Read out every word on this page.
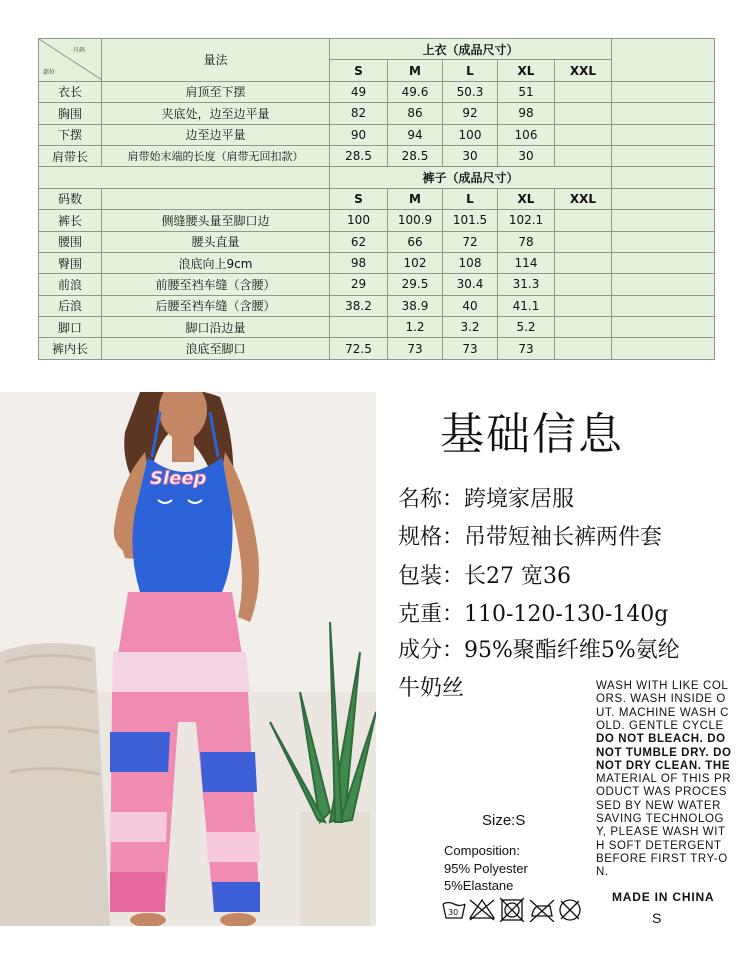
尺码
部位	量法	上衣（成品尺寸）					
		S	M	L	XL	XXL	
衣长	肩顶至下摆	49	49.6	50.3	51		
胸围	夹底处，边至边平量	82	86	92	98		
下摆	边至边平量	90	94	100	106		
肩带长	肩带始末端的长度（肩带无回扣款）	28.5	28.5	30	30		
		裤子（成品尺寸）					
码数		S	M	L	XL	XXL	
裤长	侧缝腰头量至脚口边	100	100.9	101.5	102.1		
腰围	腰头直量	62	66	72	78		
臀围	浪底向上9cm	98	102	108	114		
前浪	前腰至裆车缝（含腰）	29	29.5	30.4	31.3		
后浪	后腰至裆车缝（含腰）	38.2	38.9	40	41.1		
脚口	脚口沿边量		1.2	3.2	5.2		
裤内长	浪底至脚口	72.5	73	73	73		
Sleep
基础信息
名称：跨境家居服
规格：吊带短袖长裤两件套
包装：长27 宽36
克重：110-120-130-140g
成分：95%聚酯纤维5%氨纶
牛奶丝
Size:S
Composition:
95% Polyester
5%Elastane
30
WASH WITH LIKE COL
ORS. WASH INSIDE O
UT. MACHINE WASH C
OLD. GENTLE CYCLE
DO NOT BLEACH. DO
NOT TUMBLE DRY. DO
NOT DRY CLEAN. THE
MATERIAL OF THIS PR
ODUCT WAS PROCES
SED BY NEW WATER
SAVING TECHNOLOG
Y, PLEASE WASH WIT
H SOFT DETERGENT
BEFORE FIRST TRY-O
N.
MADE IN CHINA
S
